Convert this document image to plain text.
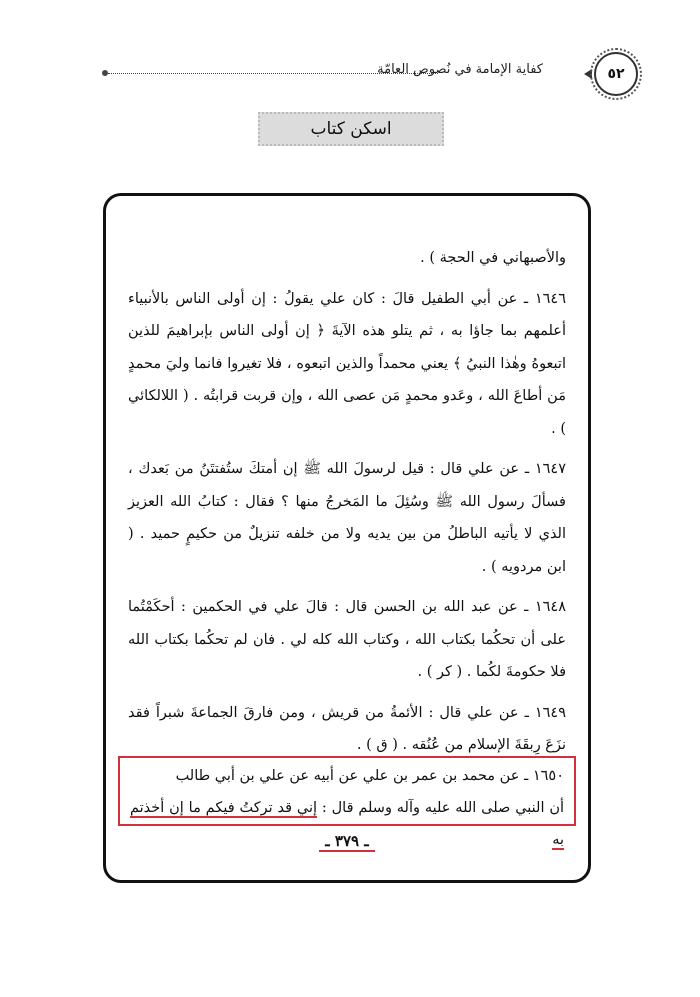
كفاية الإمامة في نُصوص العامّة	٥٢
اسكن كتاب

والأصبهاني في الحجة ) .

١٦٤٦ ـ عن أبي الطفيل قالَ : كان علي يقولُ : إن أولى الناس بالأنبياء أعلمهم بما جاؤا به ، ثم يتلو هذه الآيةَ ﴿ إن أولى الناس بإبراهيمَ للذين اتبعوهُ وهٰذا النبيُ ﴾ يعني محمداً والذين اتبعوه ، فلا تغيروا فانما وليَ محمدٍ مَن أطاعَ الله ، وعَدو محمدٍ مَن عصى الله ، وإن قربت قرابتُه . ( اللالكائي ) .

١٦٤٧ ـ عن علي قال : قيل لرسولَ الله ﷺ إن أمتكَ ستُفتتَنُ من بَعدك ، فسألَ رسول الله ﷺ وسُئِلَ ما المَخرجُ منها ؟ فقال : كتابُ الله العزيز الذي لا يأتيه الباطلُ من بين يديه ولا من خلفه تنزيلٌ من حكيمٍ حميد . ( ابن مردويه ) .

١٦٤٨ ـ عن عبد الله بن الحسن قال : قالَ علي في الحكمين : أحكَمْتُما على أن تحكُما بكتاب الله ، وكتاب الله كله لي . فان لم تحكُما بكتاب الله فلا حكومةَ لكُما . ( كر ) .

١٦٤٩ ـ عن علي قال : الأئمةُ من قريش ، ومن فارقَ الجماعةَ شبراً فقد نزَعَ رِبقَةَ الإسلام من عُنُقه . ( ق ) .

١٦٥٠ ـ عن محمد بن عمر بن علي عن أبيه عن علي بن أبي طالب
أن النبي صلى الله عليه وآله وسلم قال : إني قد تركتُ فيكم ما إن أخذتم به
ـ ٣٧٩ ـ
